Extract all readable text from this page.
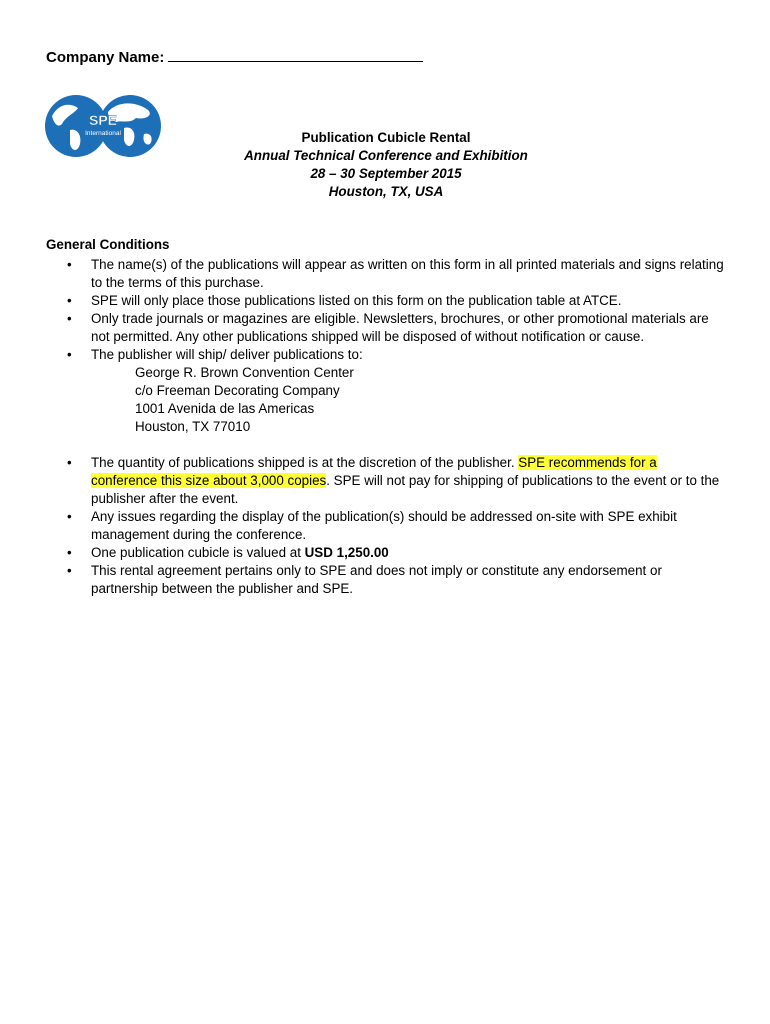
Company Name:
SPE
International	Publication Cubicle Rental
Annual Technical Conference and Exhibition
28 – 30 September 2015
Houston, TX, USA
General Conditions
• The name(s) of the publications will appear as written on this form in all printed materials and signs relating to the terms of this purchase.
• SPE will only place those publications listed on this form on the publication table at ATCE.
• Only trade journals or magazines are eligible. Newsletters, brochures, or other promotional materials are not permitted. Any other publications shipped will be disposed of without notification or cause.
• The publisher will ship/ deliver publications to:
George R. Brown Convention Center
c/o Freeman Decorating Company
1001 Avenida de las Americas
Houston, TX 77010
• The quantity of publications shipped is at the discretion of the publisher. SPE recommends for a conference this size about 3,000 copies. SPE will not pay for shipping of publications to the event or to the publisher after the event.
• Any issues regarding the display of the publication(s) should be addressed on-site with SPE exhibit management during the conference.
• One publication cubicle is valued at USD 1,250.00
• This rental agreement pertains only to SPE and does not imply or constitute any endorsement or partnership between the publisher and SPE.
